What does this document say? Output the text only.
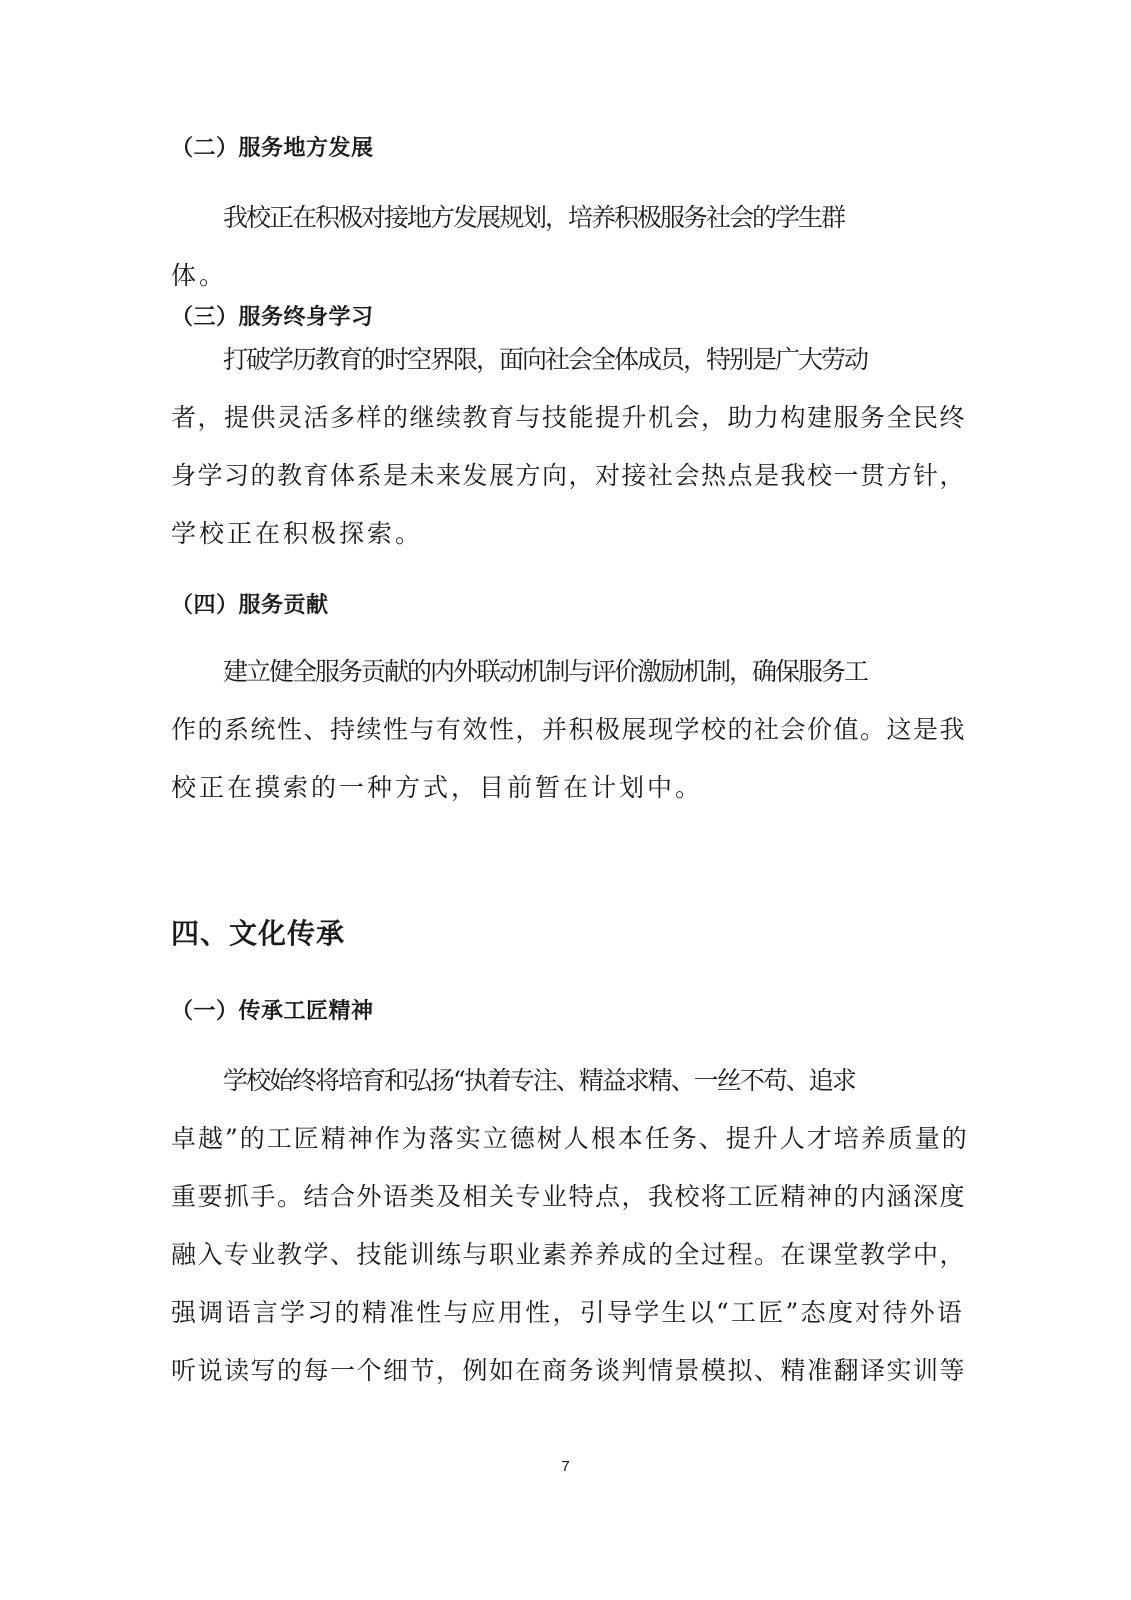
（二）服务地方发展
我校正在积极对接地方发展规划，培养积极服务社会的学生群
体。
（三）服务终身学习
打破学历教育的时空界限，面向社会全体成员，特别是广大劳动
者，提供灵活多样的继续教育与技能提升机会，助力构建服务全民终
身学习的教育体系是未来发展方向，对接社会热点是我校一贯方针，
学校正在积极探索。
（四）服务贡献
建立健全服务贡献的内外联动机制与评价激励机制，确保服务工
作的系统性、持续性与有效性，并积极展现学校的社会价值。这是我
校正在摸索的一种方式，目前暂在计划中。
四、文化传承
（一）传承工匠精神
学校始终将培育和弘扬“执着专注、精益求精、一丝不苟、追求
卓越”的工匠精神作为落实立德树人根本任务、提升人才培养质量的
重要抓手。结合外语类及相关专业特点，我校将工匠精神的内涵深度
融入专业教学、技能训练与职业素养养成的全过程。在课堂教学中，
强调语言学习的精准性与应用性，引导学生以“工匠”态度对待外语
听说读写的每一个细节，例如在商务谈判情景模拟、精准翻译实训等
7
